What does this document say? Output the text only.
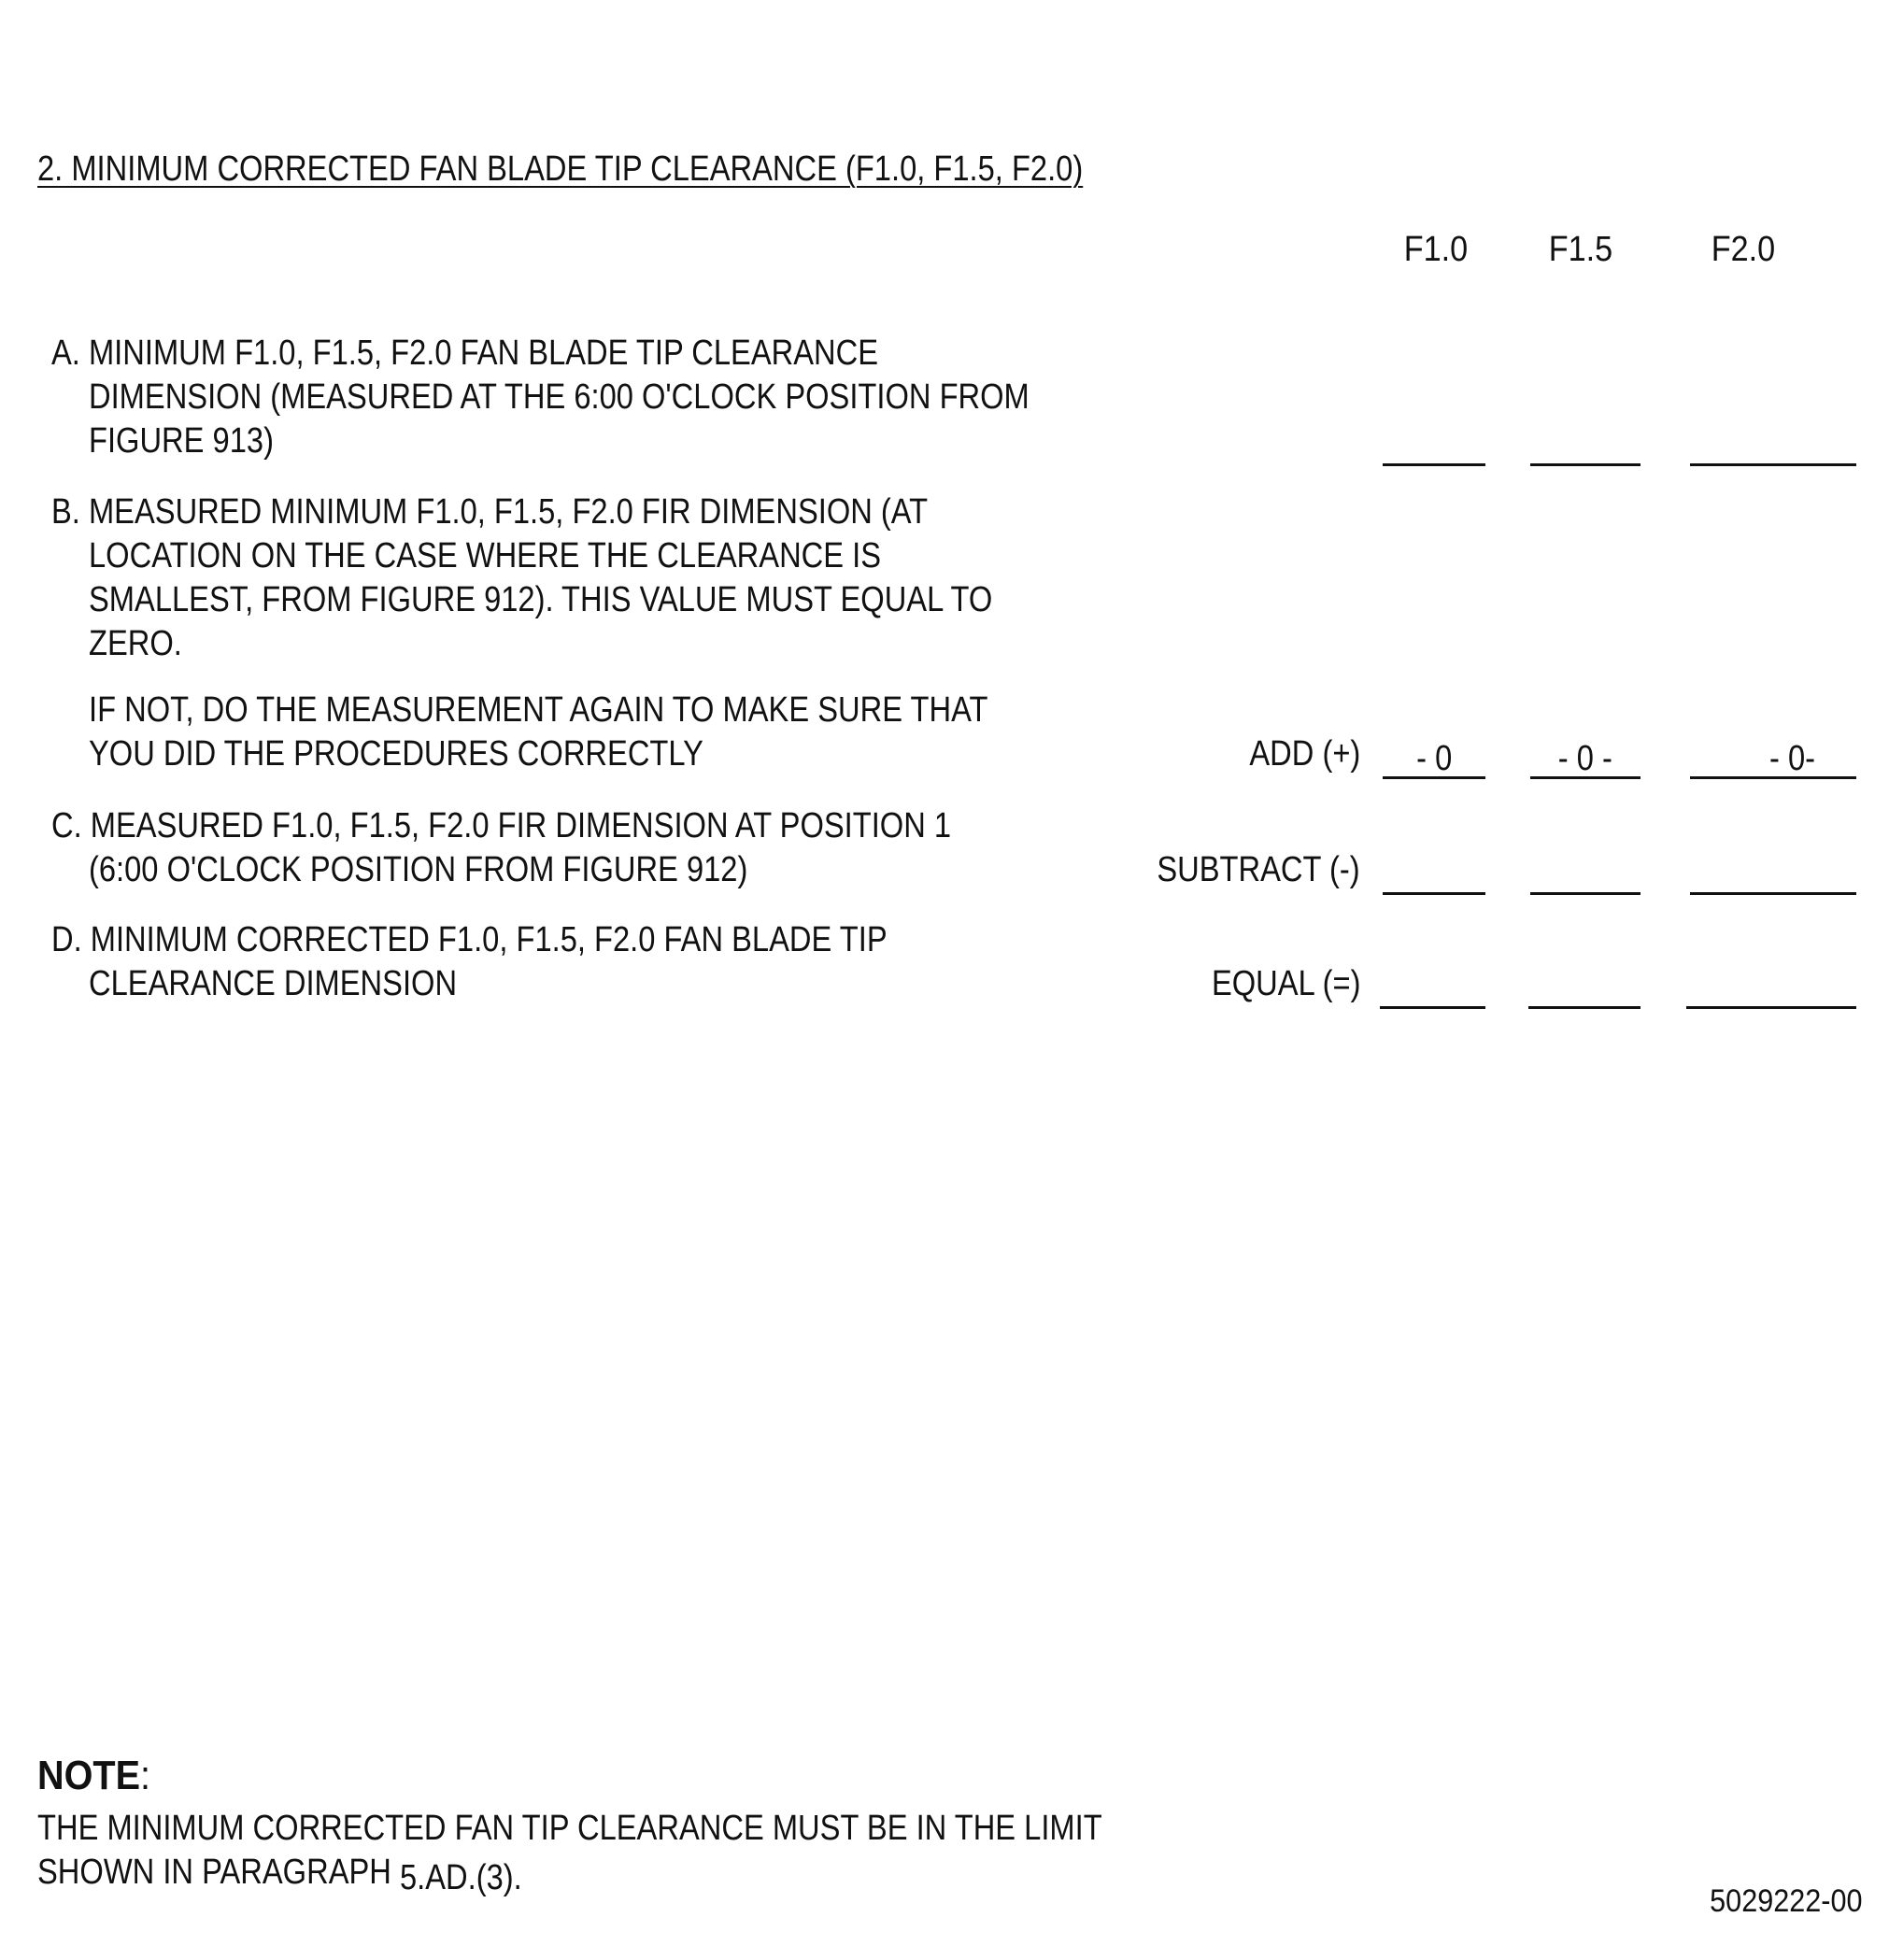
2. MINIMUM CORRECTED FAN BLADE TIP CLEARANCE (F1.0, F1.5, F2.0)
F1.0	F1.5	F2.0
A. MINIMUM F1.0, F1.5, F2.0 FAN BLADE TIP CLEARANCE
DIMENSION (MEASURED AT THE 6:00 O'CLOCK POSITION FROM
FIGURE 913)
B. MEASURED MINIMUM F1.0, F1.5, F2.0 FIR DIMENSION (AT
LOCATION ON THE CASE WHERE THE CLEARANCE IS
SMALLEST, FROM FIGURE 912). THIS VALUE MUST EQUAL TO
ZERO.
IF NOT, DO THE MEASUREMENT AGAIN TO MAKE SURE THAT
YOU DID THE PROCEDURES CORRECTLY	ADD (+)	- 0	- 0 -	- 0-
C. MEASURED F1.0, F1.5, F2.0 FIR DIMENSION AT POSITION 1
(6:00 O'CLOCK POSITION FROM FIGURE 912)	SUBTRACT (-)
D. MINIMUM CORRECTED F1.0, F1.5, F2.0 FAN BLADE TIP
CLEARANCE DIMENSION	EQUAL (=)
NOTE:
THE MINIMUM CORRECTED FAN TIP CLEARANCE MUST BE IN THE LIMIT
SHOWN IN PARAGRAPH 5.AD.(3).
5029222-00
